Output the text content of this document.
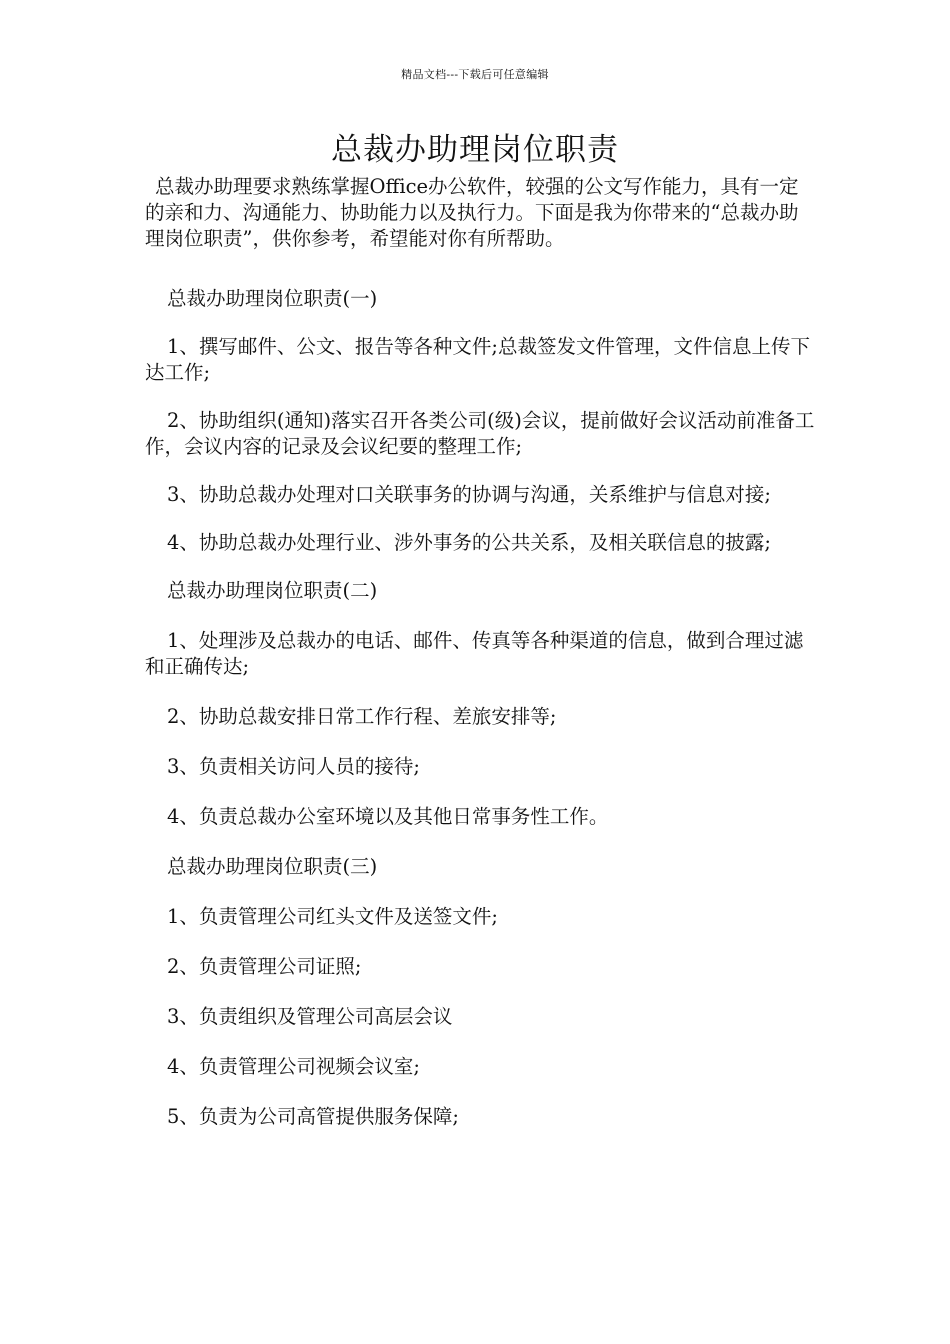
精品文档---下载后可任意编辑
总裁办助理岗位职责

总裁办助理要求熟练掌握Office办公软件，较强的公文写作能力，具有一定的亲和力、沟通能力、协助能力以及执行力。下面是我为你带来的“总裁办助理岗位职责”，供你参考，希望能对你有所帮助。

总裁办助理岗位职责(一)

1、撰写邮件、公文、报告等各种文件;总裁签发文件管理，文件信息上传下达工作;

2、协助组织(通知)落实召开各类公司(级)会议，提前做好会议活动前准备工作，会议内容的记录及会议纪要的整理工作;

3、协助总裁办处理对口关联事务的协调与沟通，关系维护与信息对接;

4、协助总裁办处理行业、涉外事务的公共关系，及相关联信息的披露;

总裁办助理岗位职责(二)

1、处理涉及总裁办的电话、邮件、传真等各种渠道的信息，做到合理过滤和正确传达;

2、协助总裁安排日常工作行程、差旅安排等;

3、负责相关访问人员的接待;

4、负责总裁办公室环境以及其他日常事务性工作。

总裁办助理岗位职责(三)

1、负责管理公司红头文件及送签文件;

2、负责管理公司证照;

3、负责组织及管理公司高层会议

4、负责管理公司视频会议室;

5、负责为公司高管提供服务保障;
